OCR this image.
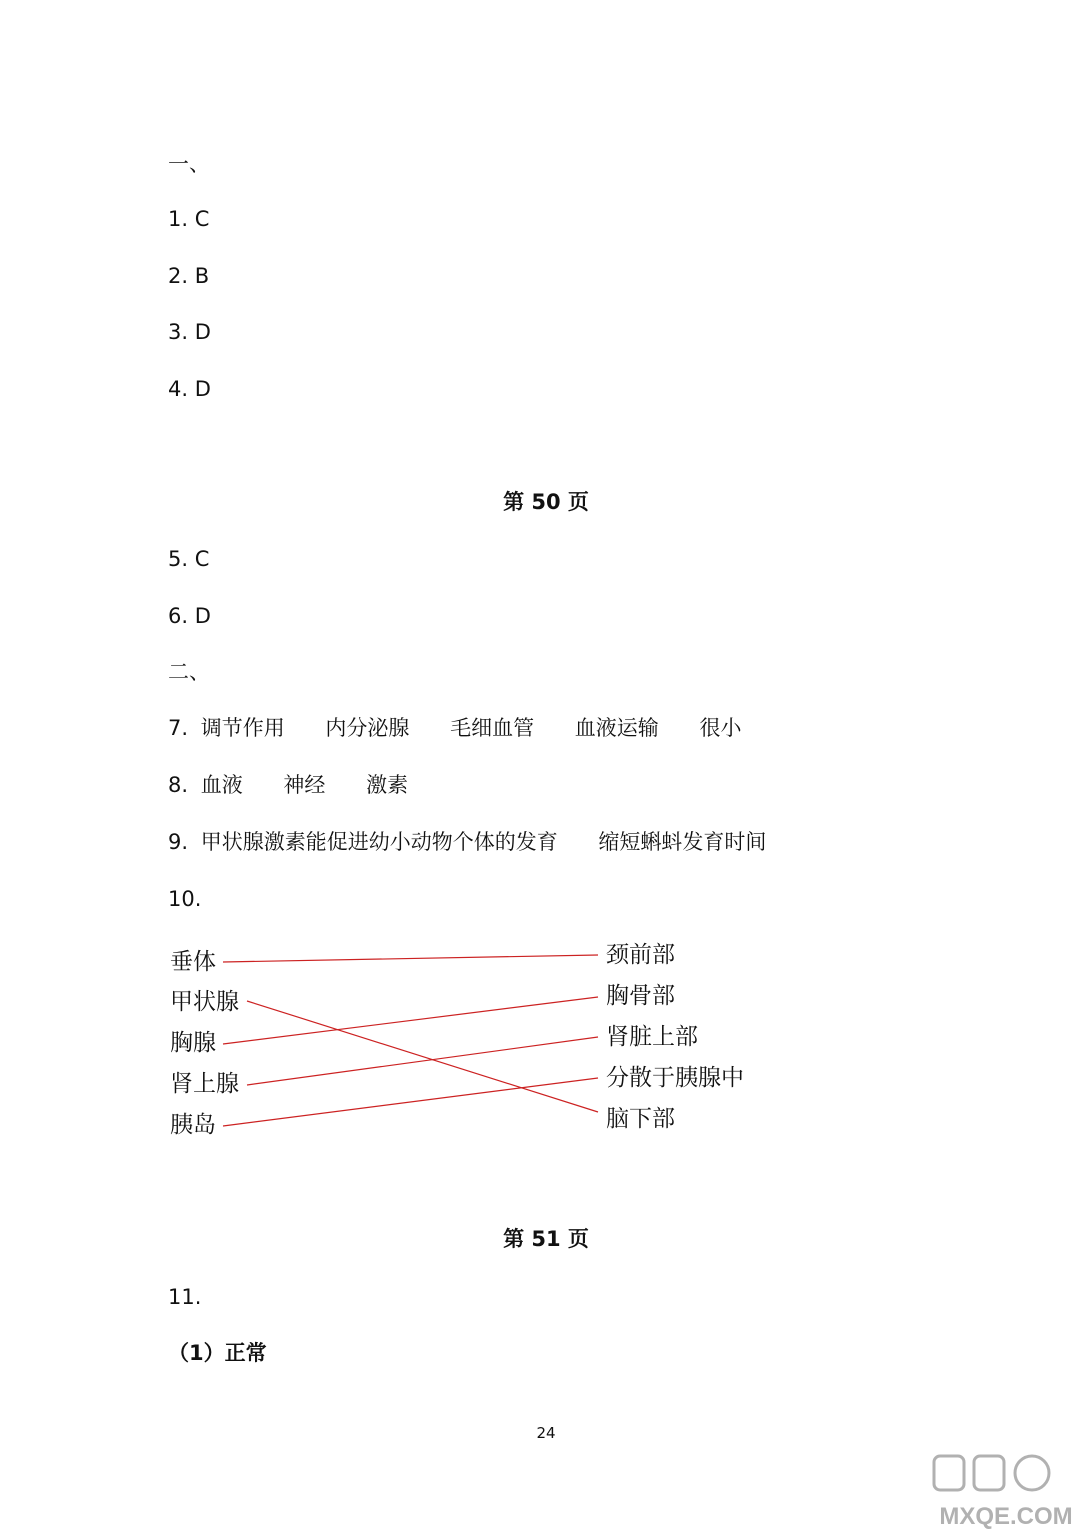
一、
1. C
2. B
3. D
4. D
第 50 页
5. C
6. D
二、
7. 调节作用 内分泌腺 毛细血管 血液运输 很小
8. 血液 神经 激素
9. 甲状腺激素能促进幼小动物个体的发育 缩短蝌蚪发育时间
10.
垂体
甲状腺
胸腺
肾上腺
胰岛
颈前部
胸骨部
肾脏上部
分散于胰腺中
脑下部
第 51 页
11.
（1）正常
24
MXQE.COM
